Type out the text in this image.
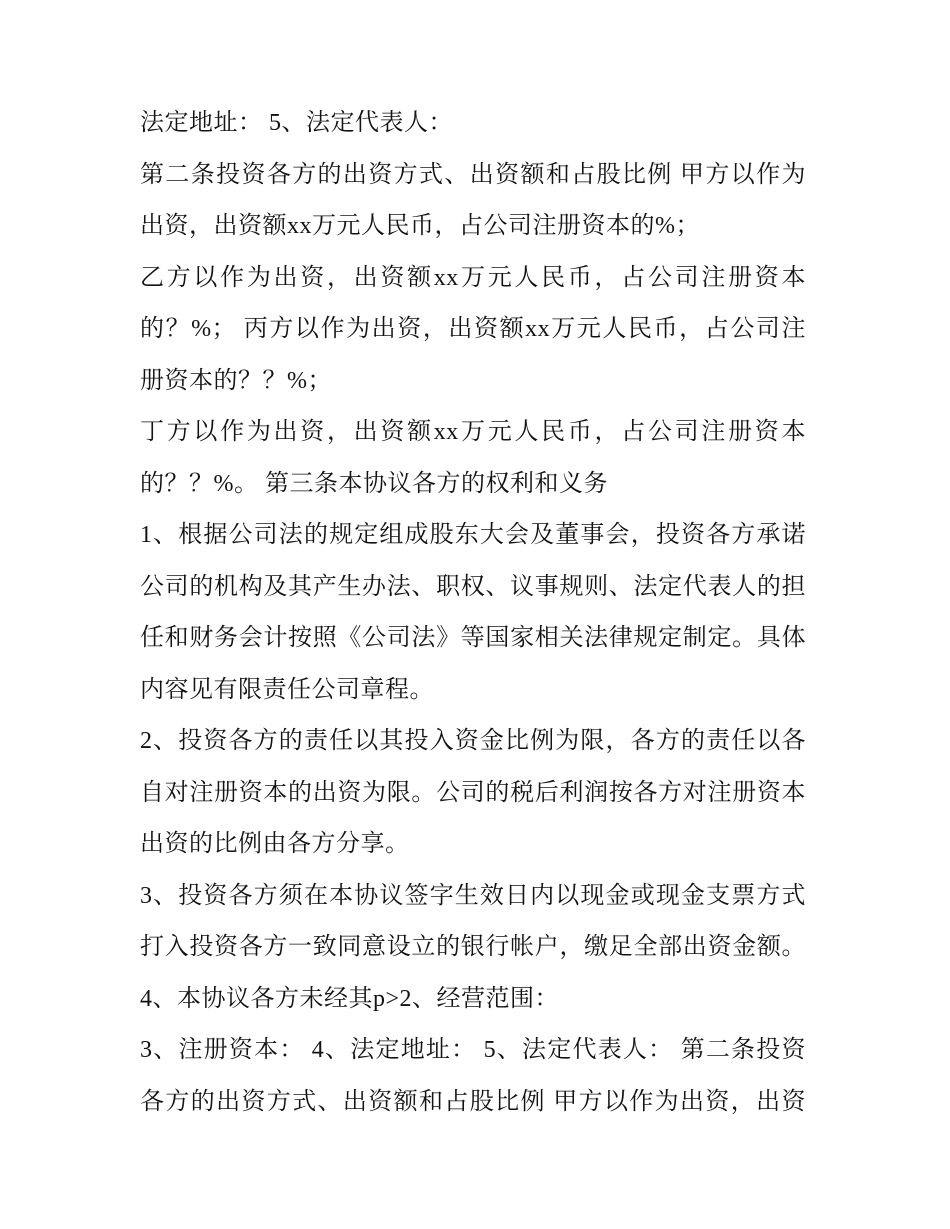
法定地址： 5、法定代表人：
第二条投资各方的出资方式、出资额和占股比例 甲方以作为
出资，出资额xx万元人民币，占公司注册资本的%；
乙方以作为出资，出资额xx万元人民币，占公司注册资本
的？%； 丙方以作为出资，出资额xx万元人民币，占公司注
册资本的？？%；
丁方以作为出资，出资额xx万元人民币，占公司注册资本
的？？%。 第三条本协议各方的权利和义务
1、根据公司法的规定组成股东大会及董事会，投资各方承诺
公司的机构及其产生办法、职权、议事规则、法定代表人的担
任和财务会计按照《公司法》等国家相关法律规定制定。具体
内容见有限责任公司章程。
2、投资各方的责任以其投入资金比例为限，各方的责任以各
自对注册资本的出资为限。公司的税后利润按各方对注册资本
出资的比例由各方分享。
3、投资各方须在本协议签字生效日内以现金或现金支票方式
打入投资各方一致同意设立的银行帐户，缴足全部出资金额。
4、本协议各方未经其p>2、经营范围：
3、注册资本： 4、法定地址： 5、法定代表人： 第二条投资
各方的出资方式、出资额和占股比例 甲方以作为出资，出资
